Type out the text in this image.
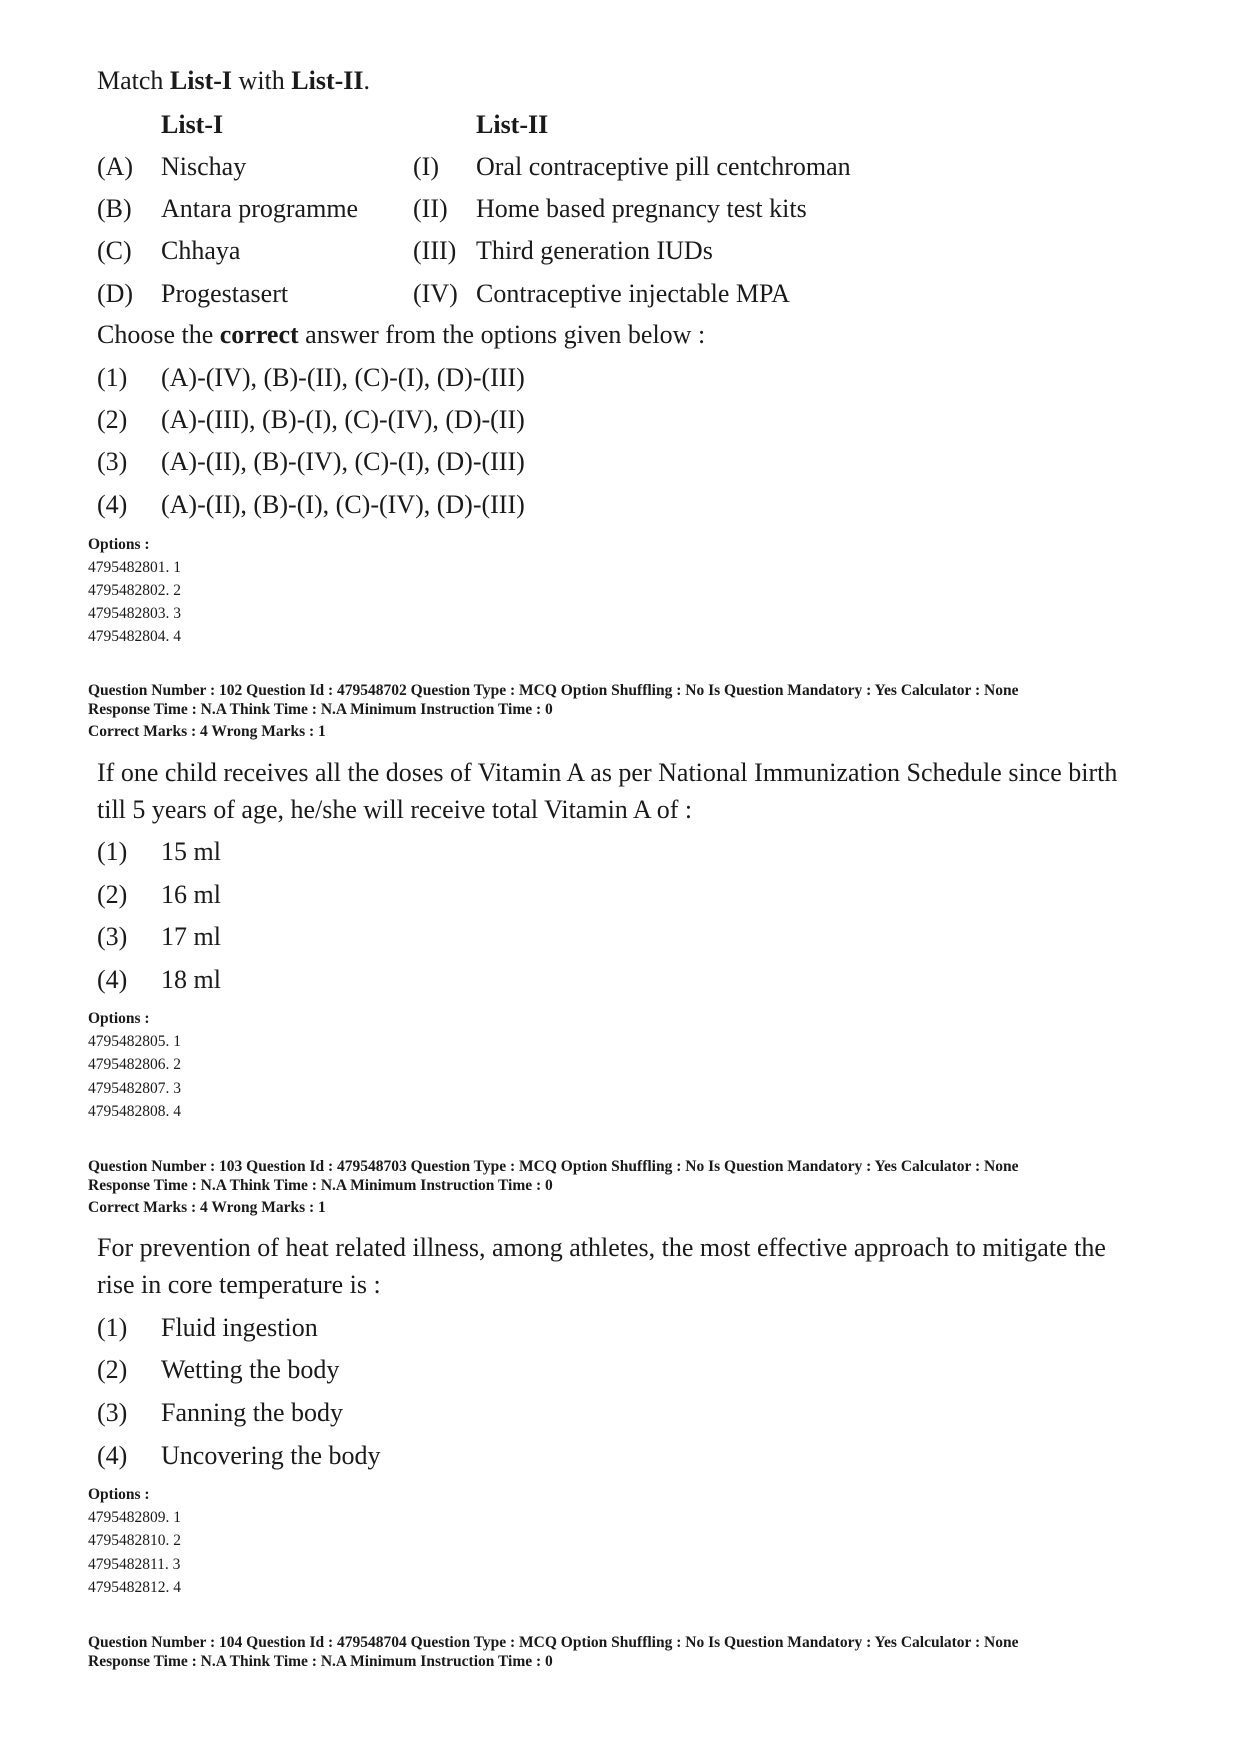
Match List-I with List-II.
List-I	List-II
(A) Nischay	(I) Oral contraceptive pill centchroman
(B) Antara programme (II) Home based pregnancy test kits
(C) Chhaya	(III) Third generation IUDs
(D) Progestasert	(IV) Contraceptive injectable MPA
Choose the correct answer from the options given below :
(1) (A)-(IV), (B)-(II), (C)-(I), (D)-(III)
(2) (A)-(III), (B)-(I), (C)-(IV), (D)-(II)
(3) (A)-(II), (B)-(IV), (C)-(I), (D)-(III)
(4) (A)-(II), (B)-(I), (C)-(IV), (D)-(III)
Options :
4795482801. 1
4795482802. 2
4795482803. 3
4795482804. 4
Question Number : 102 Question Id : 479548702 Question Type : MCQ Option Shuffling : No Is Question Mandatory : Yes Calculator : None
Response Time : N.A Think Time : N.A Minimum Instruction Time : 0
Correct Marks : 4 Wrong Marks : 1
If one child receives all the doses of Vitamin A as per National Immunization Schedule since birth
till 5 years of age, he/she will receive total Vitamin A of :
(1) 15 ml
(2) 16 ml
(3) 17 ml
(4) 18 ml
Options :
4795482805. 1
4795482806. 2
4795482807. 3
4795482808. 4
Question Number : 103 Question Id : 479548703 Question Type : MCQ Option Shuffling : No Is Question Mandatory : Yes Calculator : None
Response Time : N.A Think Time : N.A Minimum Instruction Time : 0
Correct Marks : 4 Wrong Marks : 1
For prevention of heat related illness, among athletes, the most effective approach to mitigate the
rise in core temperature is :
(1) Fluid ingestion
(2) Wetting the body
(3) Fanning the body
(4) Uncovering the body
Options :
4795482809. 1
4795482810. 2
4795482811. 3
4795482812. 4
Question Number : 104 Question Id : 479548704 Question Type : MCQ Option Shuffling : No Is Question Mandatory : Yes Calculator : None
Response Time : N.A Think Time : N.A Minimum Instruction Time : 0
